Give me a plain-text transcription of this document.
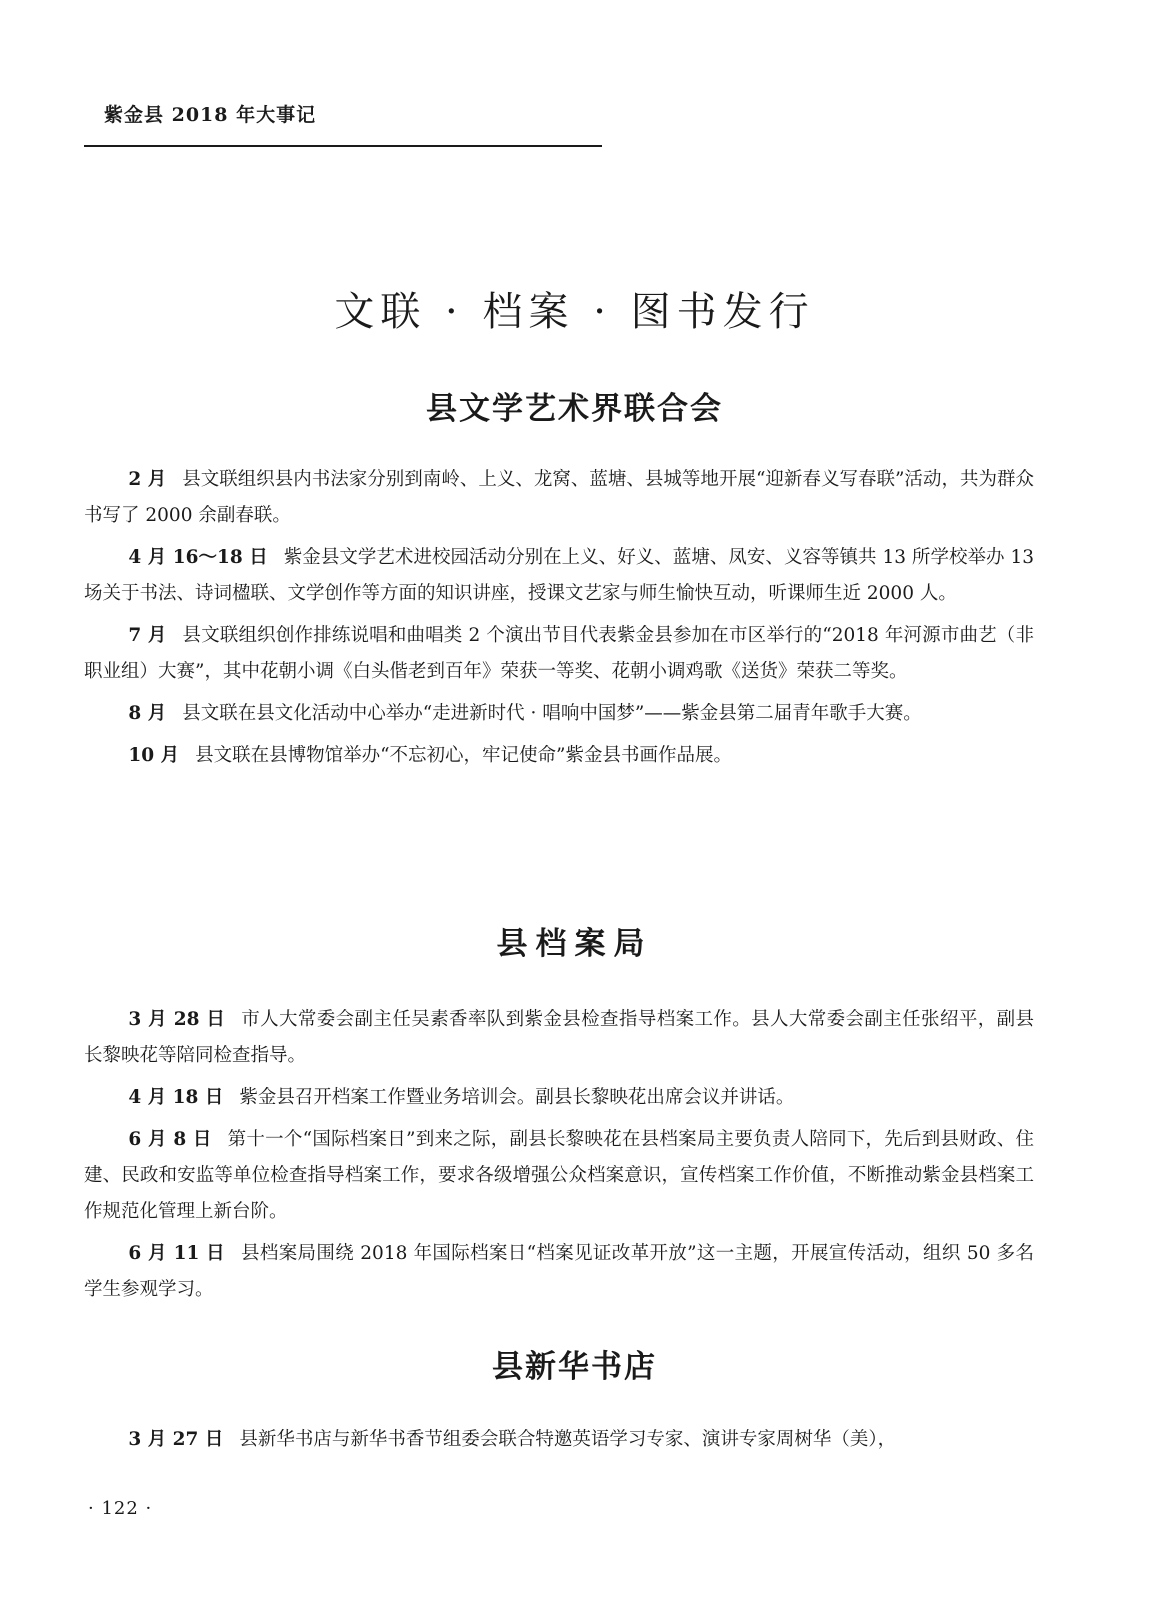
紫金县 2018 年大事记
文联 · 档案 · 图书发行
县文学艺术界联合会

2 月 县文联组织县内书法家分别到南岭、上义、龙窝、蓝塘、县城等地开展“迎新春义写春联”活动，共为群众书写了 2000 余副春联。

4 月 16～18 日 紫金县文学艺术进校园活动分别在上义、好义、蓝塘、凤安、义容等镇共 13 所学校举办 13 场关于书法、诗词楹联、文学创作等方面的知识讲座，授课文艺家与师生愉快互动，听课师生近 2000 人。

7 月 县文联组织创作排练说唱和曲唱类 2 个演出节目代表紫金县参加在市区举行的“2018 年河源市曲艺（非职业组）大赛”，其中花朝小调《白头偕老到百年》荣获一等奖、花朝小调鸡歌《送货》荣获二等奖。

8 月 县文联在县文化活动中心举办“走进新时代 · 唱响中国梦”——紫金县第二届青年歌手大赛。

10 月 县文联在县博物馆举办“不忘初心，牢记使命”紫金县书画作品展。

县档案局

3 月 28 日 市人大常委会副主任吴素香率队到紫金县检查指导档案工作。县人大常委会副主任张绍平，副县长黎映花等陪同检查指导。

4 月 18 日 紫金县召开档案工作暨业务培训会。副县长黎映花出席会议并讲话。

6 月 8 日 第十一个“国际档案日”到来之际，副县长黎映花在县档案局主要负责人陪同下，先后到县财政、住建、民政和安监等单位检查指导档案工作，要求各级增强公众档案意识，宣传档案工作价值，不断推动紫金县档案工作规范化管理上新台阶。

6 月 11 日 县档案局围绕 2018 年国际档案日“档案见证改革开放”这一主题，开展宣传活动，组织 50 多名学生参观学习。

县新华书店

3 月 27 日 县新华书店与新华书香节组委会联合特邀英语学习专家、演讲专家周树华（美），

· 122 ·
